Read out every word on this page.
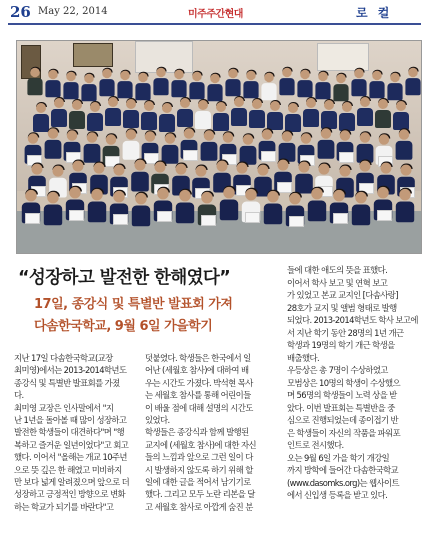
26 May 22, 2014	미주주간현대	로 컬
“성장하고 발전한 한해였다”
17일, 종강식 및 특별반 발표회 가져
다솜한국학교, 9월 6일 가을학기
지난 17일 다솜한국학교(교장
최미영)에서는 2013-2014학년도
종강식 및 특별반 발표회를 가졌
다.
최미영 교장은 인사말에서 "지
난 1년을 돌아볼 때 많이 성장하고
발전한 학생들이 대견하다"며 "행
복하고 즐거운 일년이었다"고 회고
했다. 이어서 "올해는 개교 10주년
으로 뜻 깊은 한 해였고 미비하지
만 보다 넓게 알려졌으며 앞으로 더
성장하고 긍정적인 방향으로 변화
하는 학교가 되기를 바란다"고
덧붙였다. 학생들은 한국에서 일
어난 (세월호 참사)에 대하여 배
우는 시간도 가졌다. 박석현 목사
는 세월호 참사를 통해 어린이들
이 배울 점에 대해 설명의 시간도
있었다.
학생들은 종강식과 함께 발행된
교지에 (세월호 참사)에 대한 자신
들의 느낌과 앞으로 그런 일이 다
시 발생하지 않도록 하기 위해 할
일에 대한 글을 적어서 남기기로
했다. 그리고 모두 노란 리본을 달
고 세월호 참사로 아깝게 숨진 분
들에 대한 애도의 뜻을 표했다.
이어서 학사 보고 및 연혁 보고
가 있었고 본교 교지인 [다솜사랑]
28호가 교지 및 앨범 형태로 발행
되었다. 2013-2014학년도 학사 보고에
서 지난 학기 동안 28명의 1년 개근
학생과 19명의 학기 개근 학생을
배출했다.
우등상은 총 7명이 수상하였고
모범상은 10명의 학생이 수상했으
며 56명의 학생들이 노력 상을 받
았다. 이번 발표회는 특별반을 중
심으로 진행되었는데 종이접기 반
은 학생들이 자신의 작품을 파워포
인트로 전시했다.
오는 9월 6일 가을 학기 개강일
까지 방학에 들어간 다솜한국학교
(www.dasomks.org)는 웹사이트
에서 신입생 등록을 받고 있다.
